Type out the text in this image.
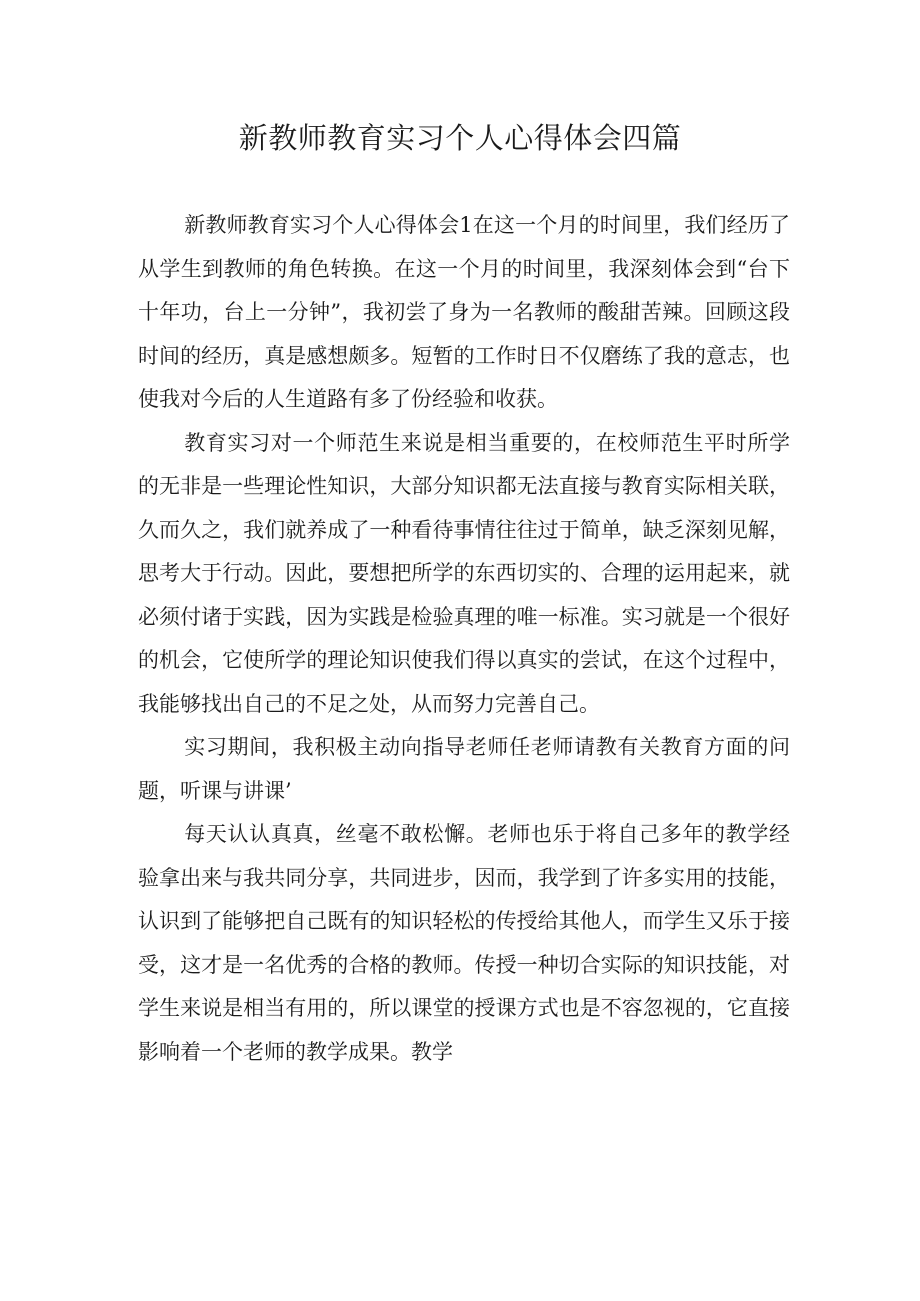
新教师教育实习个人心得体会四篇

新教师教育实习个人心得体会1在这一个月的时间里，我们经历了从学生到教师的角色转换。在这一个月的时间里，我深刻体会到“台下十年功，台上一分钟”，我初尝了身为一名教师的酸甜苦辣。回顾这段时间的经历，真是感想颇多。短暂的工作时日不仅磨练了我的意志，也使我对今后的人生道路有多了份经验和收获。

教育实习对一个师范生来说是相当重要的，在校师范生平时所学的无非是一些理论性知识，大部分知识都无法直接与教育实际相关联，久而久之，我们就养成了一种看待事情往往过于简单，缺乏深刻见解，思考大于行动。因此，要想把所学的东西切实的、合理的运用起来，就必须付诸于实践，因为实践是检验真理的唯一标准。实习就是一个很好的机会，它使所学的理论知识使我们得以真实的尝试，在这个过程中，我能够找出自己的不足之处，从而努力完善自己。

实习期间，我积极主动向指导老师任老师请教有关教育方面的问题，听课与讲课’

每天认认真真，丝毫不敢松懈。老师也乐于将自己多年的教学经验拿出来与我共同分享，共同进步，因而，我学到了许多实用的技能，认识到了能够把自己既有的知识轻松的传授给其他人，而学生又乐于接受，这才是一名优秀的合格的教师。传授一种切合实际的知识技能，对学生来说是相当有用的，所以课堂的授课方式也是不容忽视的，它直接影响着一个老师的教学成果。教学
